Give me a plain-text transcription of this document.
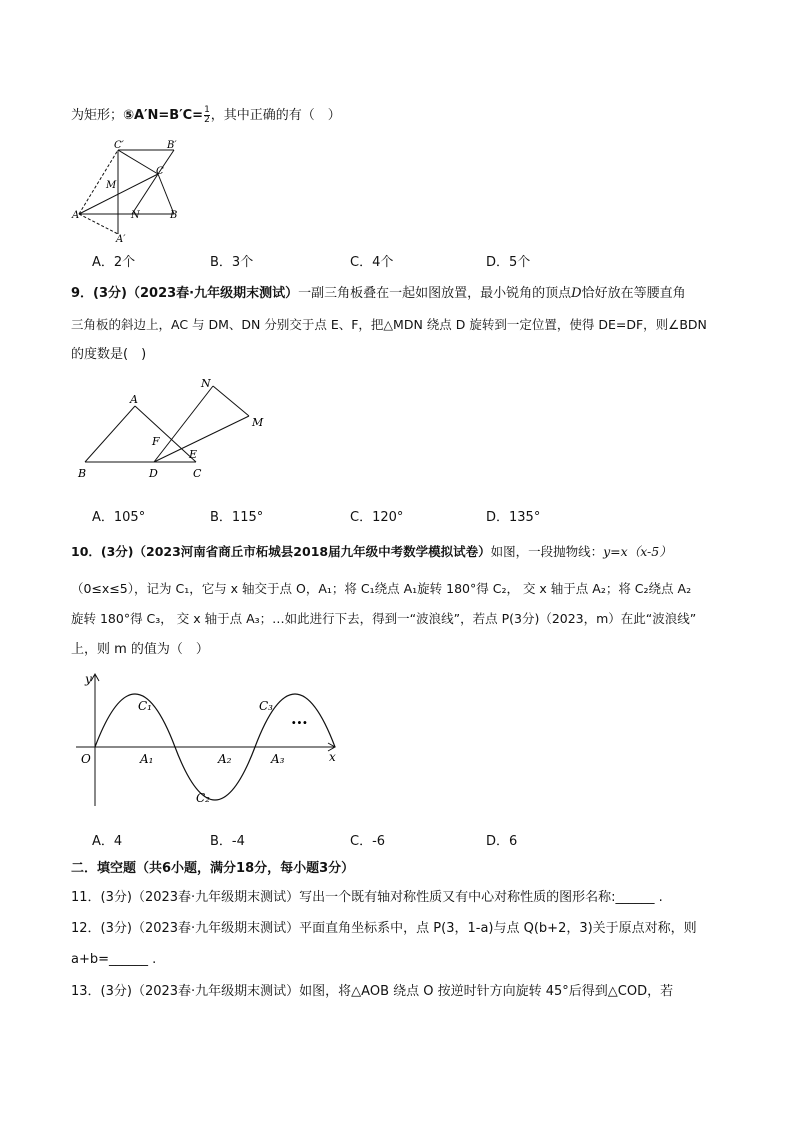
为矩形；⑤A′N=B′C= $\frac{1}{2}$ ，其中正确的有（　）
C′	B′
M
C
A	N	B
A′
A．2个	B．3个	C．4个	D．5个
9．(3分)（2023春·九年级期末测试）一副三角板叠在一起如图放置，最小锐角的顶点D恰好放在等腰直角
三角板的斜边上，AC 与 DM、DN 分别交于点 E、F，把△MDN 绕点 D 旋转到一定位置，使得 DE=DF，则∠BDN
的度数是(　)
A
N
M
F
E
B	D	C
A．105°	B．115°	C．120°	D．135°
10．(3分)（2023河南省商丘市柘城县2018届九年级中考数学模拟试卷）如图，一段抛物线：y=x（x-5）
（0≤x≤5），记为 C₁，它与 x 轴交于点 O，A₁；将 C₁绕点 A₁旋转 180°得 C₂， 交 x 轴于点 A₂；将 C₂绕点 A₂
旋转 180°得 C₃， 交 x 轴于点 A₃；…如此进行下去，得到一“波浪线”，若点 P(3分)（2023，m）在此“波浪线”
上，则 m 的值为（　）
y
x
O	A₁	A₂	A₃
C₁
C₂
C₃
···
A．4	B．-4	C．-6	D．6
二．填空题（共6小题，满分18分，每小题3分）
11．(3分)（2023春·九年级期末测试）写出一个既有轴对称性质又有中心对称性质的图形名称:______ .
12．(3分)（2023春·九年级期末测试）平面直角坐标系中，点 P(3，1-a)与点 Q(b+2，3)关于原点对称，则
a+b=______ .
13．(3分)（2023春·九年级期末测试）如图，将△AOB 绕点 O 按逆时针方向旋转 45°后得到△COD，若
